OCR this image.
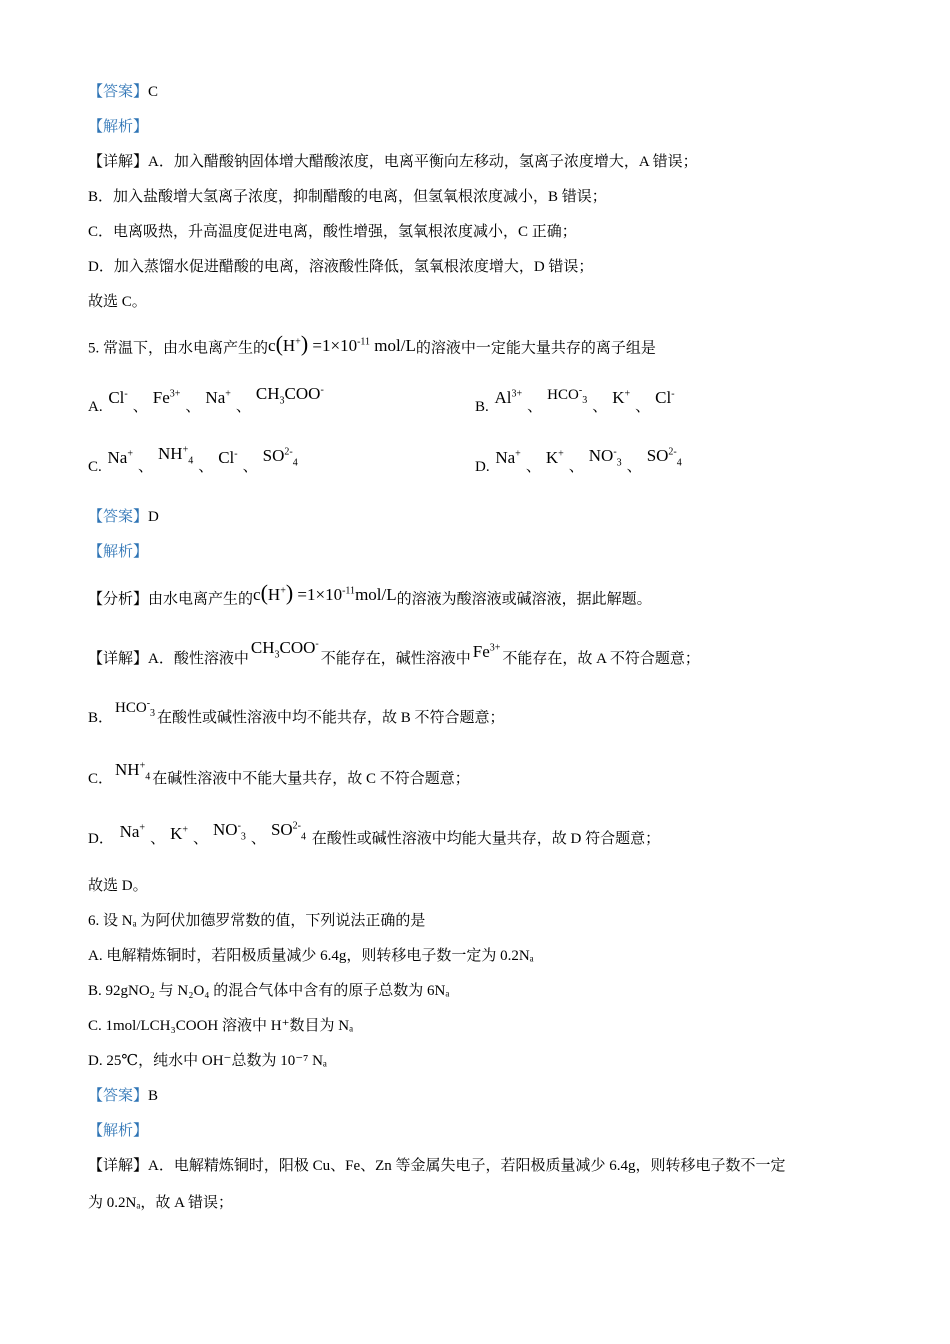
【答案】C
【解析】
【详解】A．加入醋酸钠固体增大醋酸浓度，电离平衡向左移动，氢离子浓度增大，A 错误；
B．加入盐酸增大氢离子浓度，抑制醋酸的电离，但氢氧根浓度减小，B 错误；
C．电离吸热，升高温度促进电离，酸性增强，氢氧根浓度减小，C 正确；
D．加入蒸馏水促进醋酸的电离，溶液酸性降低，氢氧根浓度增大，D 错误；
故选 C。
5. 常温下，由水电离产生的$c(H^+) =1\times 10^{-11}$ mol/L的溶液中一定能大量共存的离子组是
A. Cl-、 $Fe^{3+}$、 Na+、$CH_3COO^-$
B. $Al^{3+}$、$HCO^-_3$ 、 K+、 Cl-
C. Na+、$NH^+_4$ 、 Cl-、$SO^{2-}_4$	D. Na+、 K+、$NO^-_3$ 、$SO^{2-}_4$
【答案】D
【解析】
【分析】由水电离产生的$c(H^+) =1\times 10^{-11}mol/L$的溶液为酸溶液或碱溶液，据此解题。
【详解】A．酸性溶液中$CH_3COO^-$不能存在，碱性溶液中 $Fe^{3+}$不能存在，故 A 不符合题意；
B．$HCO^-_3$ 在酸性或碱性溶液中均不能共存，故 B 不符合题意；
C． $NH^+_4$ 在碱性溶液中不能大量共存，故 C 不符合题意；
D． Na+、 K+、 $NO^-_3$ 、 $SO^{2-}_4$ 在酸性或碱性溶液中均能大量共存，故 D 符合题意；
故选 D。
6. 设 Nₐ 为阿伏加德罗常数的值，下列说法正确的是
A. 电解精炼铜时，若阳极质量减少 6.4g，则转移电子数一定为 0.2Nₐ
B. 92gNO₂ 与 N₂O₄ 的混合气体中含有的原子总数为 6Nₐ
C. 1mol/LCH₃COOH 溶液中 H⁺数目为 Nₐ
D. 25℃，纯水中 OH⁻总数为 10⁻⁷ Nₐ
【答案】B
【解析】
【详解】A．电解精炼铜时，阳极 Cu、Fe、Zn 等金属失电子，若阳极质量减少 6.4g，则转移电子数不一定
为 0.2Nₐ，故 A 错误；
